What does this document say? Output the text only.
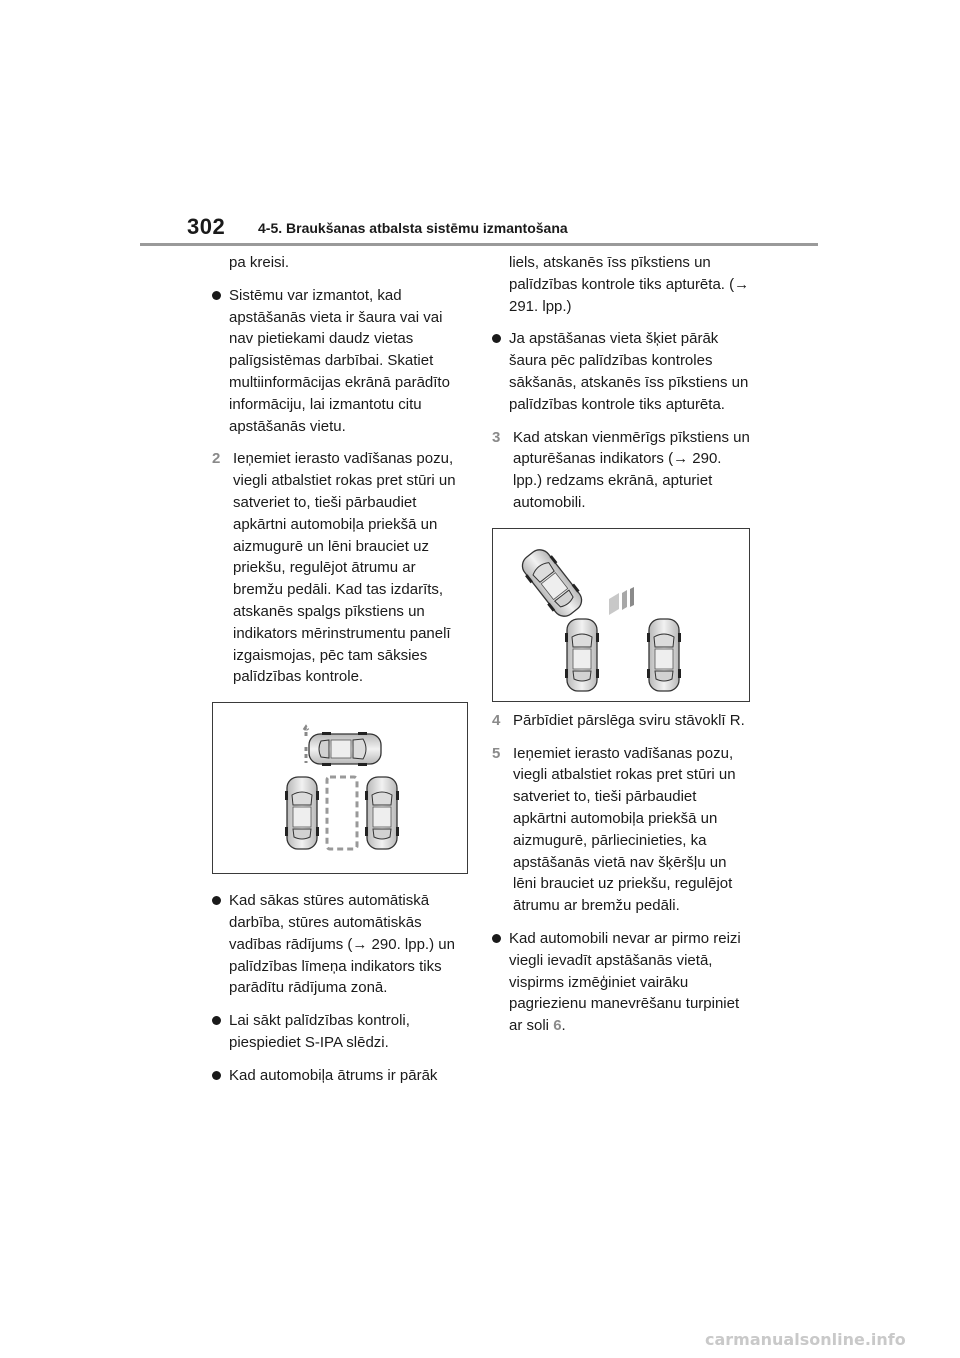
302 4-5. Braukšanas atbalsta sistēmu izmantošana

pa kreisi.

Sistēmu var izmantot, kad apstāšanās vieta ir šaura vai vai nav pietiekami daudz vietas palīgsistēmas darbībai. Skatiet multiinformācijas ekrānā parādīto informāciju, lai izmantotu citu apstāšanās vietu.

2 Ieņemiet ierasto vadīšanas pozu, viegli atbalstiet rokas pret stūri un satveriet to, tieši pārbaudiet apkārtni automobiļa priekšā un aizmugurē un lēni brauciet uz priekšu, regulējot ātrumu ar bremžu pedāli. Kad tas izdarīts, atskanēs spalgs pīkstiens un indikators mērinstrumentu panelī izgaismojas, pēc tam sāksies palīdzības kontrole.

Kad sākas stūres automātiskā darbība, stūres automātiskās vadības rādījums (→ 290. lpp.) un palīdzības līmeņa indikators tiks parādītu rādījuma zonā.

Lai sākt palīdzības kontroli, piespiediet S-IPA slēdzi.

Kad automobiļa ātrums ir pārāk

liels, atskanēs īss pīkstiens un palīdzības kontrole tiks apturēta. (→ 291. lpp.)

Ja apstāšanas vieta šķiet pārāk šaura pēc palīdzības kontroles sākšanās, atskanēs īss pīkstiens un palīdzības kontrole tiks apturēta.

3 Kad atskan vienmērīgs pīkstiens un apturēšanas indikators (→ 290. lpp.) redzams ekrānā, apturiet automobili.

4 Pārbīdiet pārslēga sviru stāvoklī R.

5 Ieņemiet ierasto vadīšanas pozu, viegli atbalstiet rokas pret stūri un satveriet to, tieši pārbaudiet apkārtni automobiļa priekšā un aizmugurē, pārliecinieties, ka apstāšanās vietā nav šķēršļu un lēni brauciet uz priekšu, regulējot ātrumu ar bremžu pedāli.

Kad automobili nevar ar pirmo reizi viegli ievadīt apstāšanās vietā, vispirms izmēģiniet vairāku pagriezienu manevrēšanu turpiniet ar soli 6.

carmanualsonline.info
